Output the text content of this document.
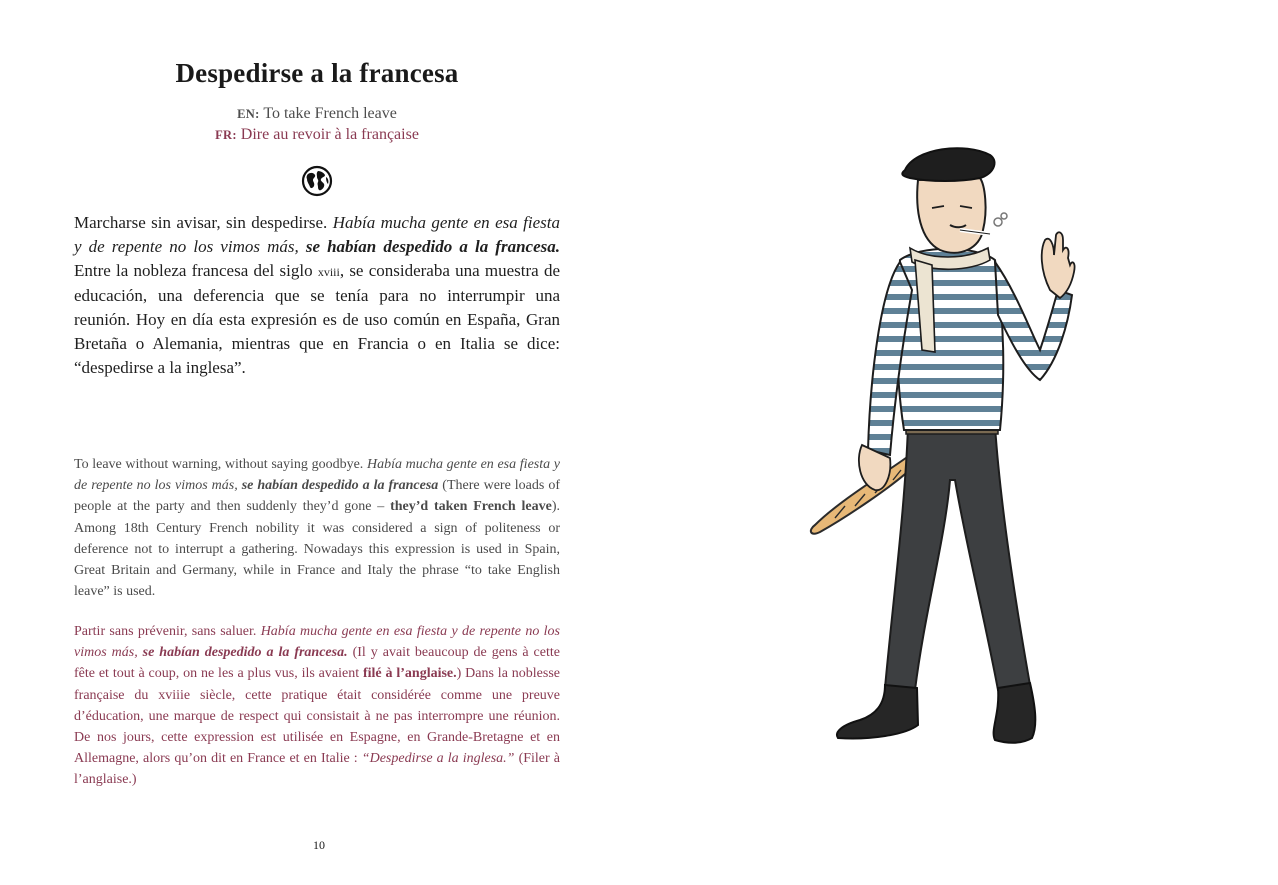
Despedirse a la francesa
EN: To take French leave
FR: Dire au revoir à la française
Marcharse sin avisar, sin despedirse. Había mucha gente en esa fiesta y de repente no los vimos más, se habían despedido a la francesa. Entre la nobleza francesa del siglo xviii, se consideraba una muestra de educación, una deferencia que se tenía para no interrumpir una reunión. Hoy en día esta expresión es de uso común en España, Gran Bretaña o Alemania, mientras que en Francia o en Italia se dice: “despedirse a la inglesa”.
To leave without warning, without saying goodbye. Había mucha gente en esa fiesta y de repente no los vimos más, se habían despedido a la francesa (There were loads of people at the party and then suddenly they’d gone – they’d taken French leave). Among 18th Century French nobility it was considered a sign of politeness or deference not to interrupt a gathering. Nowadays this expression is used in Spain, Great Britain and Germany, while in France and Italy the phrase “to take English leave” is used.
Partir sans prévenir, sans saluer. Había mucha gente en esa fiesta y de repente no los vimos más, se habían despedido a la francesa. (Il y avait beaucoup de gens à cette fête et tout à coup, on ne les a plus vus, ils avaient filé à l’anglaise.) Dans la noblesse française du xviiie siècle, cette pratique était considérée comme une preuve d’éducation, une marque de respect qui consistait à ne pas interrompre une réunion. De nos jours, cette expression est utilisée en Espagne, en Grande-Bretagne et en Allemagne, alors qu’on dit en France et en Italie : “Despedirse a la inglesa.” (Filer à l’anglaise.)
10
